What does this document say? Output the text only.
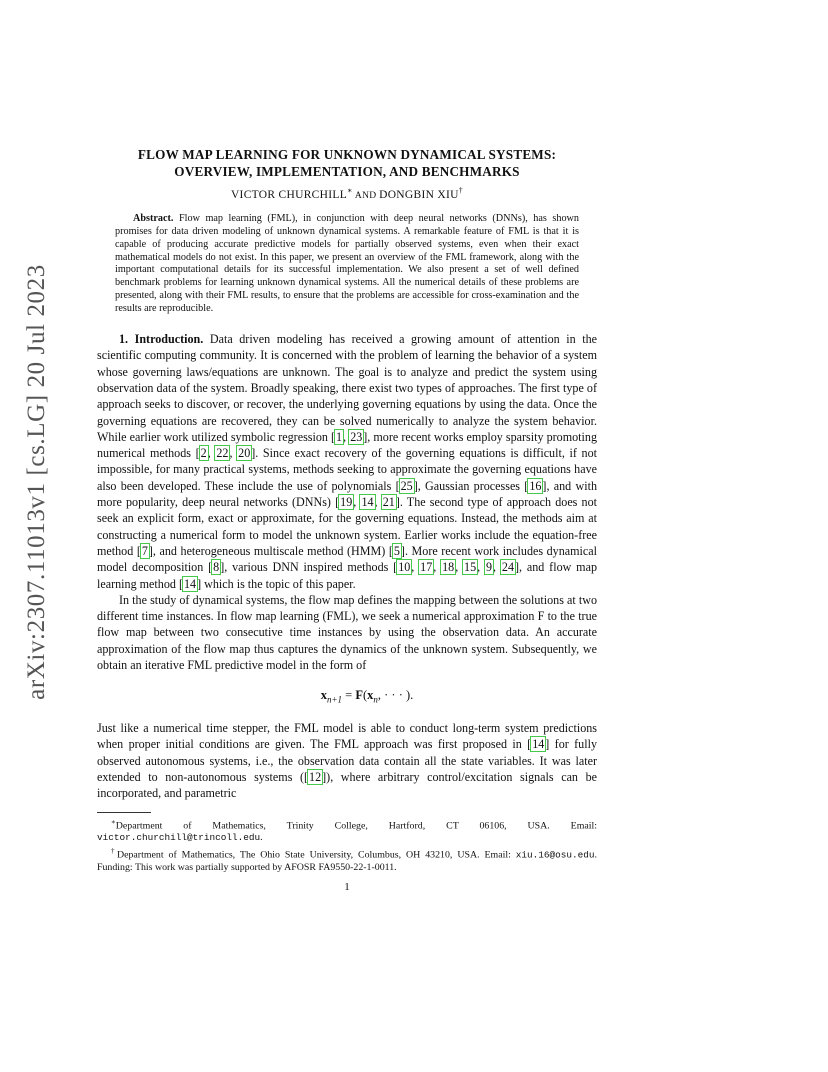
arXiv:2307.11013v1 [cs.LG] 20 Jul 2023

FLOW MAP LEARNING FOR UNKNOWN DYNAMICAL SYSTEMS:

OVERVIEW, IMPLEMENTATION, AND BENCHMARKS

VICTOR CHURCHILL∗ AND DONGBIN XIU†
Abstract. Flow map learning (FML), in conjunction with deep neural networks (DNNs), has shown promises for data driven modeling of unknown dynamical systems. A remarkable feature of FML is that it is capable of producing accurate predictive models for partially observed systems, even when their exact mathematical models do not exist. In this paper, we present an overview of the FML framework, along with the important computational details for its successful implementation. We also present a set of well defined benchmark problems for learning unknown dynamical systems. All the numerical details of these problems are presented, along with their FML results, to ensure that the problems are accessible for cross-examination and the results are reproducible.

1. Introduction. Data driven modeling has received a growing amount of attention in the scientific computing community. It is concerned with the problem of learning the behavior of a system whose governing laws/equations are unknown. The goal is to analyze and predict the system using observation data of the system. Broadly speaking, there exist two types of approaches. The first type of approach seeks to discover, or recover, the underlying governing equations by using the data. Once the governing equations are recovered, they can be solved numerically to analyze the system behavior. While earlier work utilized symbolic regression [1, 23], more recent works employ sparsity promoting numerical methods [2, 22, 20]. Since exact recovery of the governing equations is difficult, if not impossible, for many practical systems, methods seeking to approximate the governing equations have also been developed. These include the use of polynomials [25], Gaussian processes [16], and with more popularity, deep neural networks (DNNs) [19, 14, 21]. The second type of approach does not seek an explicit form, exact or approximate, for the governing equations. Instead, the methods aim at constructing a numerical form to model the unknown system. Earlier works include the equation-free method [7], and heterogeneous multiscale method (HMM) [5]. More recent work includes dynamical model decomposition [8], various DNN inspired methods [10, 17, 18, 15, 9, 24], and flow map learning method [14] which is the topic of this paper.

In the study of dynamical systems, the flow map defines the mapping between the solutions at two different time instances. In flow map learning (FML), we seek a numerical approximation F to the true flow map between two consecutive time instances by using the observation data. An accurate approximation of the flow map thus captures the dynamics of the unknown system. Subsequently, we obtain an iterative FML predictive model in the form of

$x_{n+1} = F(x_n$, · · · ).

Just like a numerical time stepper, the FML model is able to conduct long-term system predictions when proper initial conditions are given. The FML approach was first proposed in [14] for fully observed autonomous systems, i.e., the observation data contain all the state variables. It was later extended to non-autonomous systems ([12]), where arbitrary control/excitation signals can be incorporated, and parametric

∗Department of Mathematics, Trinity College, Hartford, CT 06106, USA. Email: victor.churchill@trincoll.edu.

†Department of Mathematics, The Ohio State University, Columbus, OH 43210, USA. Email: xiu.16@osu.edu. Funding: This work was partially supported by AFOSR FA9550-22-1-0011.

1
